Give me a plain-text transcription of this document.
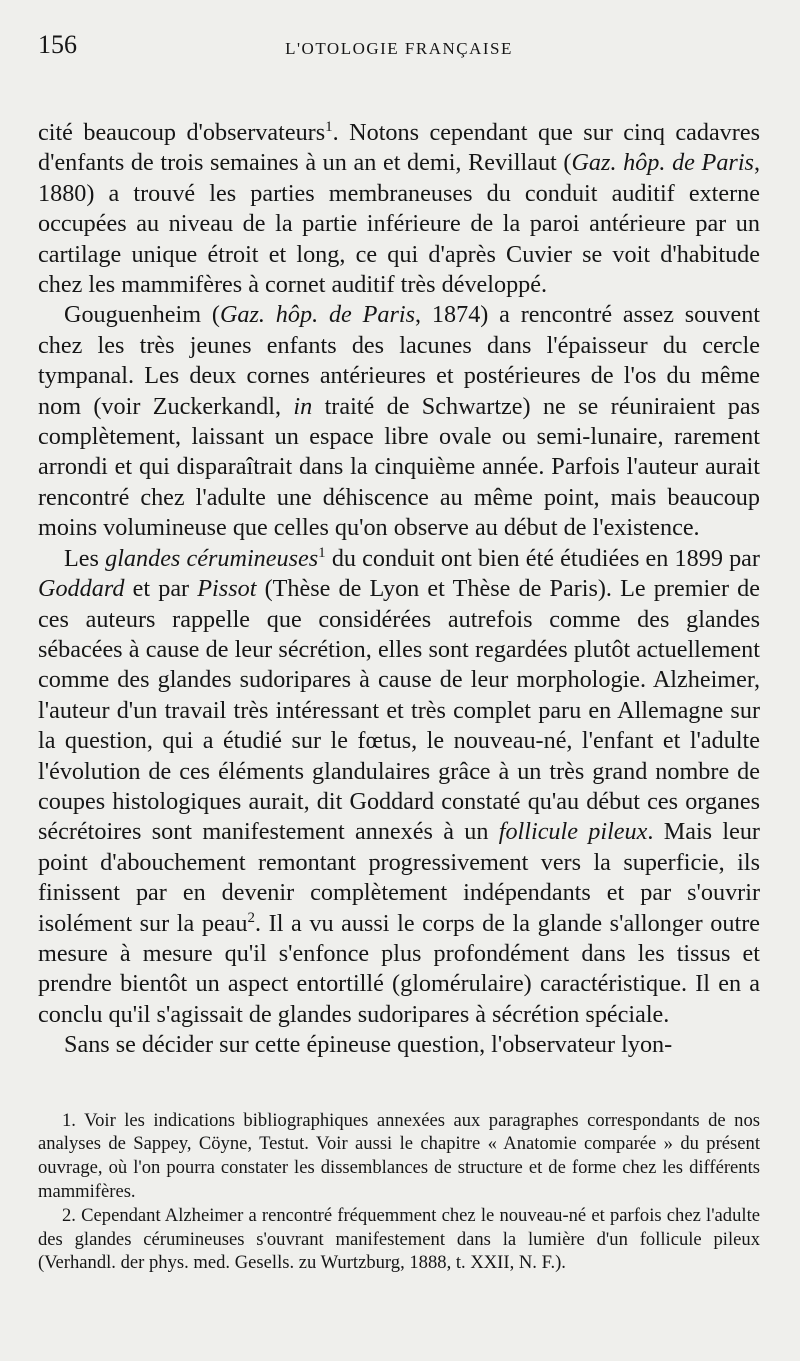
156	L'OTOLOGIE FRANÇAISE

cité beaucoup d'observateurs$^1$. Notons cependant que sur cinq cadavres d'enfants de trois semaines à un an et demi, Revillaut (Gaz. hôp. de Paris, 1880) a trouvé les parties membraneuses du conduit auditif externe occupées au niveau de la partie inférieure de la paroi antérieure par un cartilage unique étroit et long, ce qui d'après Cuvier se voit d'habitude chez les mammifères à cornet auditif très développé.

Gouguenheim (Gaz. hôp. de Paris, 1874) a rencontré assez souvent chez les très jeunes enfants des lacunes dans l'épaisseur du cercle tympanal. Les deux cornes antérieures et postérieures de l'os du même nom (voir Zuckerkandl, in traité de Schwartze) ne se réuniraient pas complètement, laissant un espace libre ovale ou semi-lunaire, rarement arrondi et qui disparaîtrait dans la cinquième année. Parfois l'auteur aurait rencontré chez l'adulte une déhiscence au même point, mais beaucoup moins volumineuse que celles qu'on observe au début de l'existence.

Les glandes cérumineuses$^1$ du conduit ont bien été étudiées en 1899 par Goddard et par Pissot (Thèse de Lyon et Thèse de Paris). Le premier de ces auteurs rappelle que considérées autrefois comme des glandes sébacées à cause de leur sécrétion, elles sont regardées plutôt actuellement comme des glandes sudoripares à cause de leur morphologie. Alzheimer, l'auteur d'un travail très intéressant et très complet paru en Allemagne sur la question, qui a étudié sur le fœtus, le nouveau-né, l'enfant et l'adulte l'évolution de ces éléments glandulaires grâce à un très grand nombre de coupes histologiques aurait, dit Goddard constaté qu'au début ces organes sécrétoires sont manifestement annexés à un follicule pileux. Mais leur point d'abouchement remontant progressivement vers la superficie, ils finissent par en devenir complètement indépendants et par s'ouvrir isolément sur la peau$^2$. Il a vu aussi le corps de la glande s'allonger outre mesure à mesure qu'il s'enfonce plus profondément dans les tissus et prendre bientôt un aspect entortillé (glomérulaire) caractéristique. Il en a conclu qu'il s'agissait de glandes sudoripares à sécrétion spéciale.

Sans se décider sur cette épineuse question, l'observateur lyon-

1. Voir les indications bibliographiques annexées aux paragraphes correspondants de nos analyses de Sappey, Cöyne, Testut. Voir aussi le chapitre « Anatomie comparée » du présent ouvrage, où l'on pourra constater les dissemblances de structure et de forme chez les différents mammifères.

2. Cependant Alzheimer a rencontré fréquemment chez le nouveau-né et parfois chez l'adulte des glandes cérumineuses s'ouvrant manifestement dans la lumière d'un follicule pileux (Verhandl. der phys. med. Gesells. zu Wurtzburg, 1888, t. XXII, N. F.).
